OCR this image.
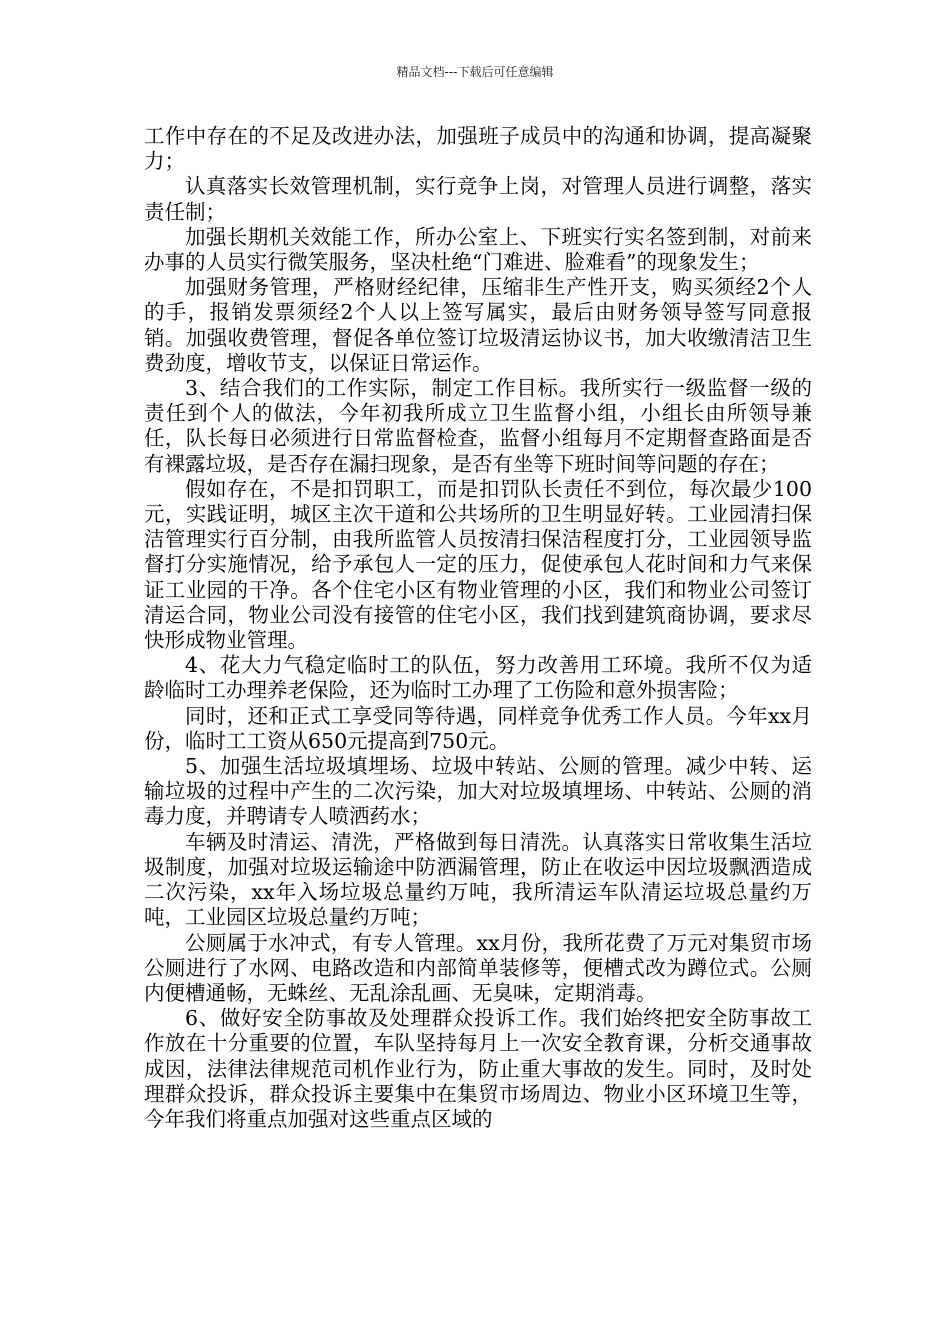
精品文档---下载后可任意编辑

工作中存在的不足及改进办法，加强班子成员中的沟通和协调，提高凝聚力；

认真落实长效管理机制，实行竞争上岗，对管理人员进行调整，落实责任制；

加强长期机关效能工作，所办公室上、下班实行实名签到制，对前来办事的人员实行微笑服务，坚决杜绝“门难进、脸难看”的现象发生；

加强财务管理，严格财经纪律，压缩非生产性开支，购买须经2个人的手，报销发票须经2个人以上签写属实，最后由财务领导签写同意报销。加强收费管理，督促各单位签订垃圾清运协议书，加大收缴清洁卫生费劲度，增收节支，以保证日常运作。

3、结合我们的工作实际，制定工作目标。我所实行一级监督一级的责任到个人的做法，今年初我所成立卫生监督小组，小组长由所领导兼任，队长每日必须进行日常监督检查，监督小组每月不定期督查路面是否有裸露垃圾，是否存在漏扫现象，是否有坐等下班时间等问题的存在；

假如存在，不是扣罚职工，而是扣罚队长责任不到位，每次最少100元，实践证明，城区主次干道和公共场所的卫生明显好转。工业园清扫保洁管理实行百分制，由我所监管人员按清扫保洁程度打分，工业园领导监督打分实施情况，给予承包人一定的压力，促使承包人花时间和力气来保证工业园的干净。各个住宅小区有物业管理的小区，我们和物业公司签订清运合同，物业公司没有接管的住宅小区，我们找到建筑商协调，要求尽快形成物业管理。

4、花大力气稳定临时工的队伍，努力改善用工环境。我所不仅为适龄临时工办理养老保险，还为临时工办理了工伤险和意外损害险；

同时，还和正式工享受同等待遇，同样竞争优秀工作人员。今年xx月份，临时工工资从650元提高到750元。

5、加强生活垃圾填埋场、垃圾中转站、公厕的管理。减少中转、运输垃圾的过程中产生的二次污染，加大对垃圾填埋场、中转站、公厕的消毒力度，并聘请专人喷洒药水；

车辆及时清运、清洗，严格做到每日清洗。认真落实日常收集生活垃圾制度，加强对垃圾运输途中防洒漏管理，防止在收运中因垃圾飘洒造成二次污染，xx年入场垃圾总量约万吨，我所清运车队清运垃圾总量约万吨，工业园区垃圾总量约万吨；

公厕属于水冲式，有专人管理。xx月份，我所花费了万元对集贸市场公厕进行了水网、电路改造和内部简单装修等，便槽式改为蹲位式。公厕内便槽通畅，无蛛丝、无乱涂乱画、无臭味，定期消毒。

6、做好安全防事故及处理群众投诉工作。我们始终把安全防事故工作放在十分重要的位置，车队坚持每月上一次安全教育课，分析交通事故成因，法律法律规范司机作业行为，防止重大事故的发生。同时，及时处理群众投诉，群众投诉主要集中在集贸市场周边、物业小区环境卫生等，今年我们将重点加强对这些重点区域的
